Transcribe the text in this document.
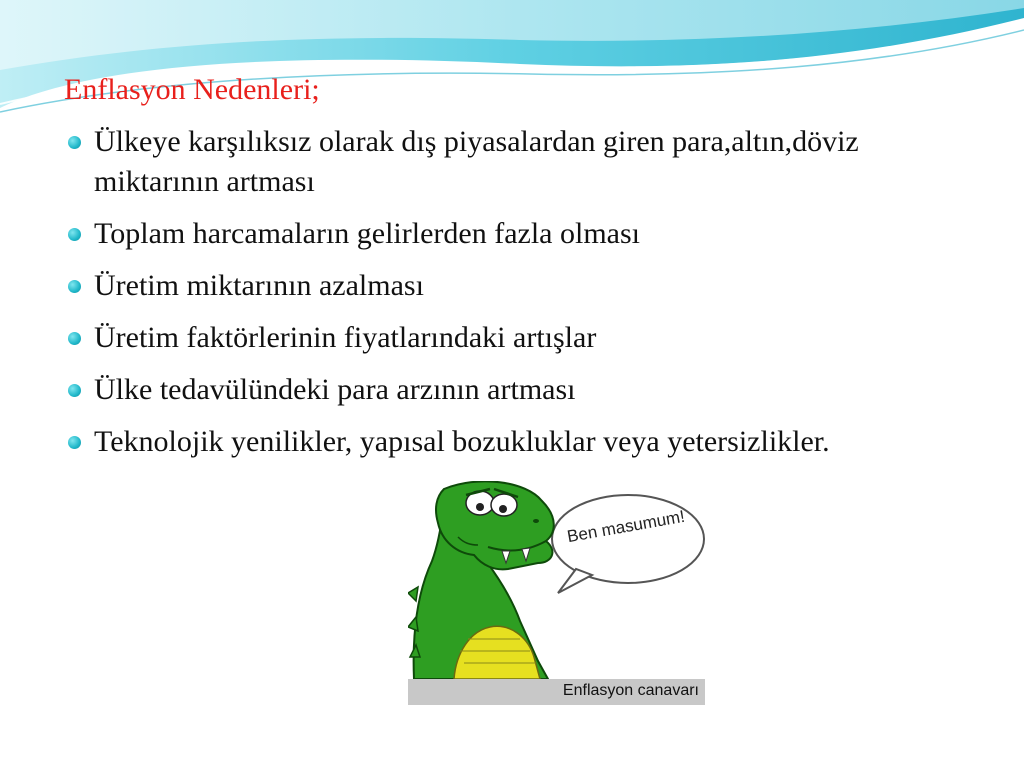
Enflasyon Nedenleri;
Ülkeye karşılıksız olarak dış piyasalardan giren para,altın,döviz miktarının artması
Toplam harcamaların gelirlerden fazla olması
Üretim miktarının azalması
Üretim faktörlerinin fiyatlarındaki artışlar
Ülke tedavülündeki para arzının artması
Teknolojik yenilikler, yapısal bozukluklar veya yetersizlikler.
Ben masumum!
Enflasyon canavarı
